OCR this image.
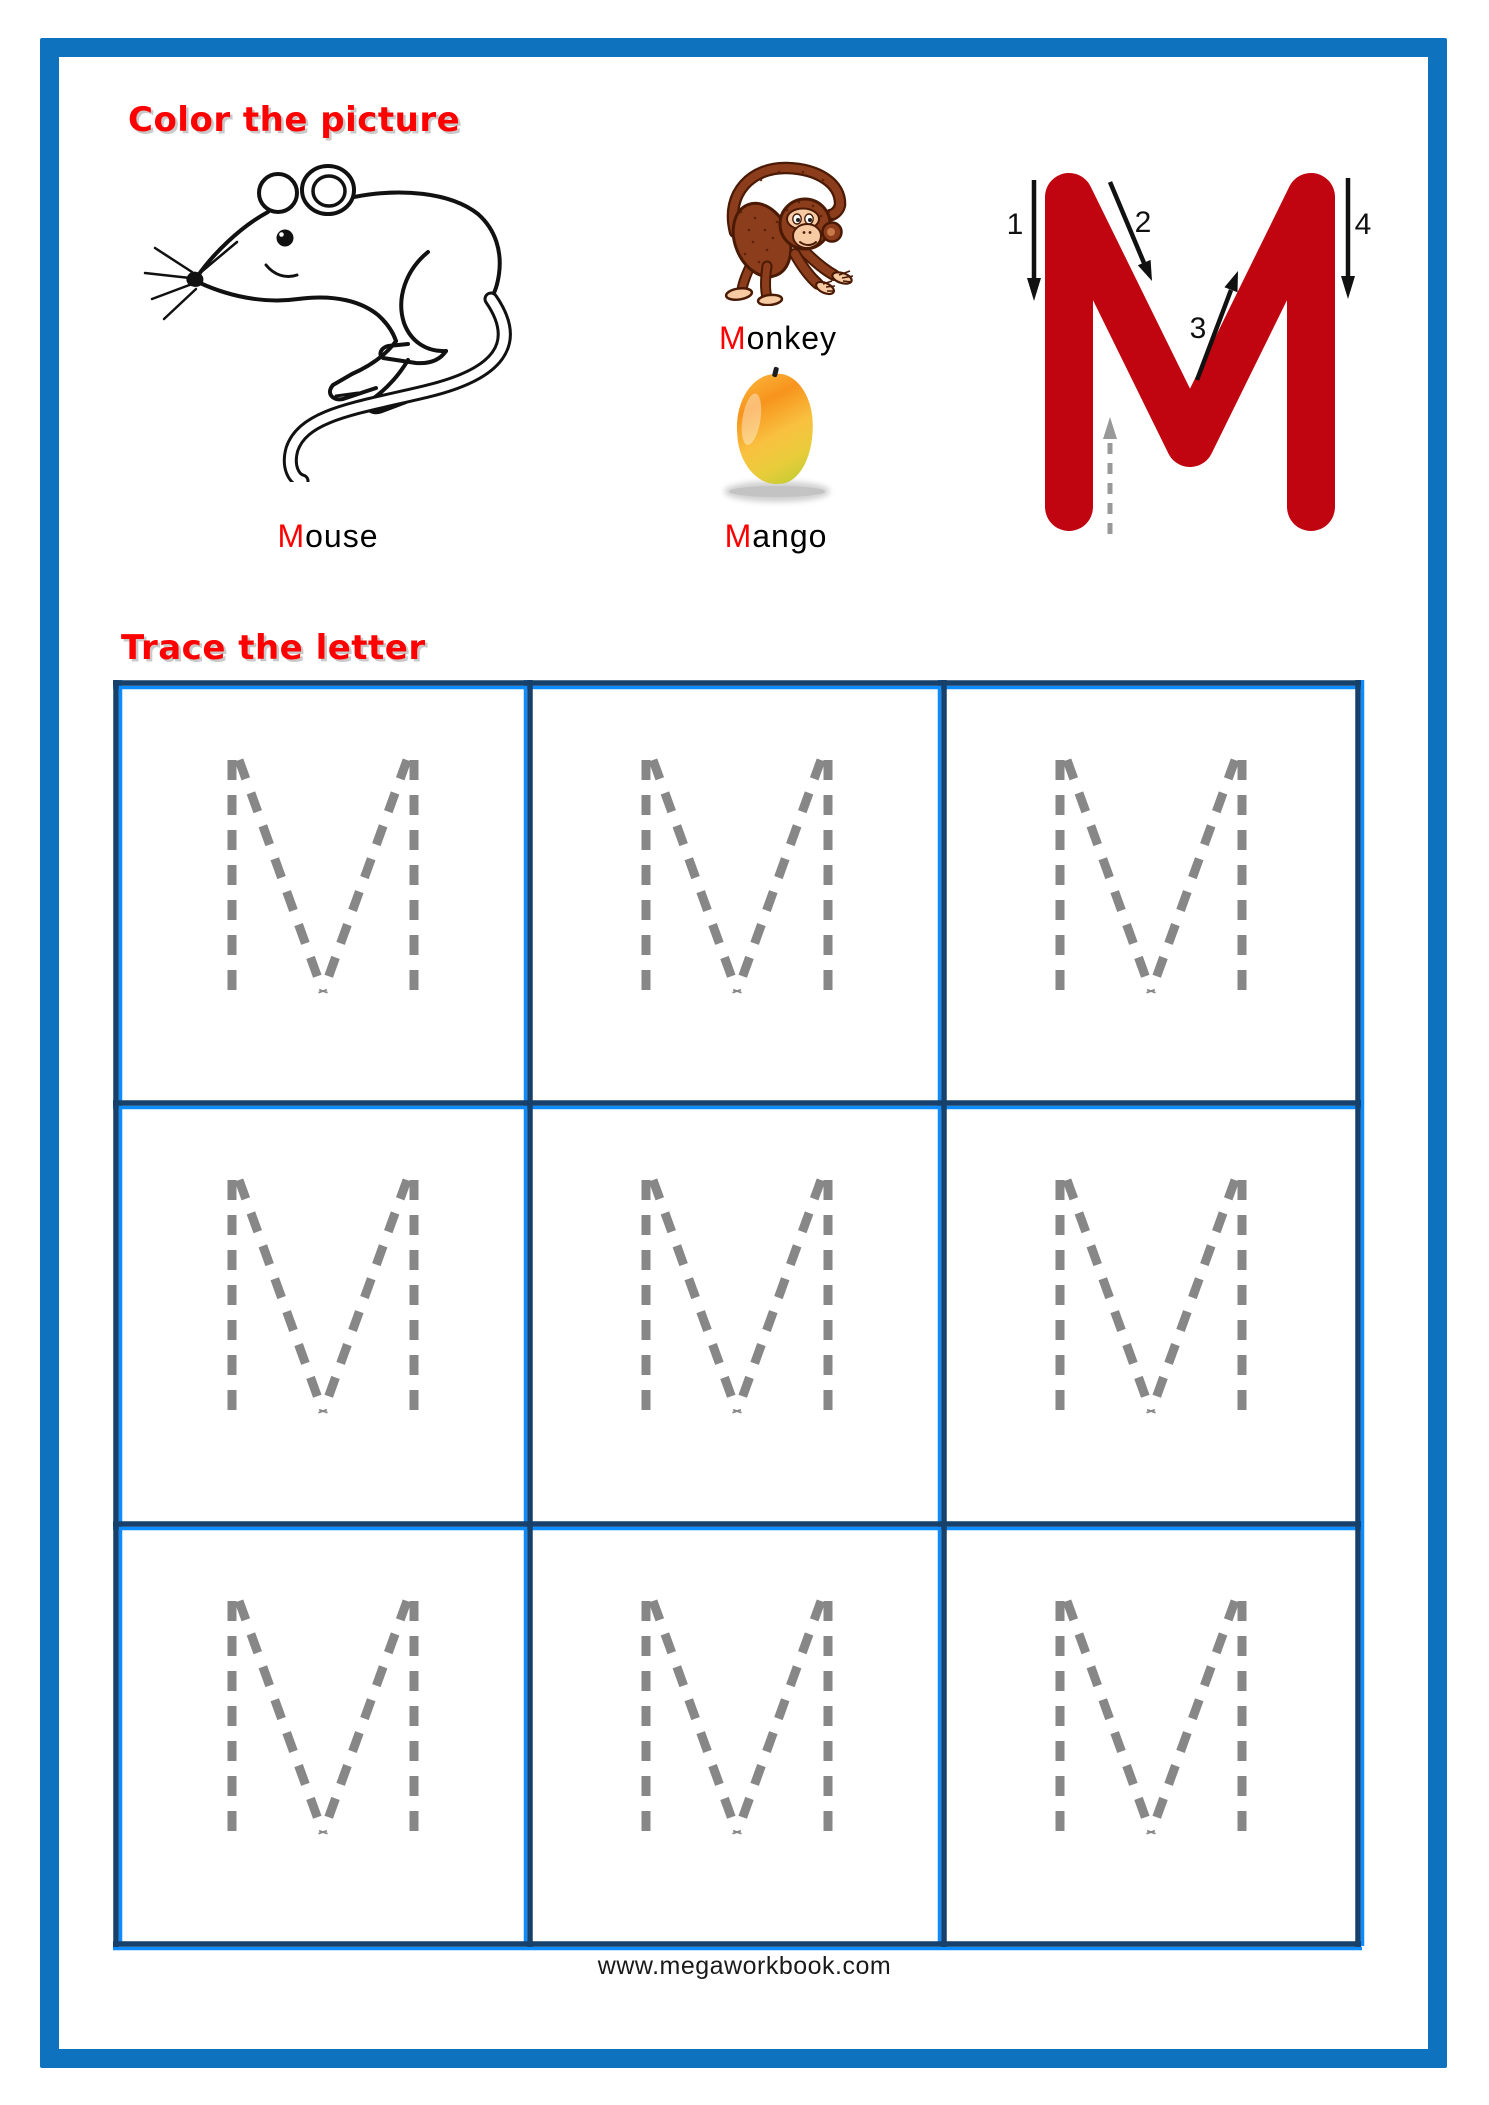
Color the picture
Mouse
Monkey
Mango
1	2
3
4
Trace the letter
www.megaworkbook.com
